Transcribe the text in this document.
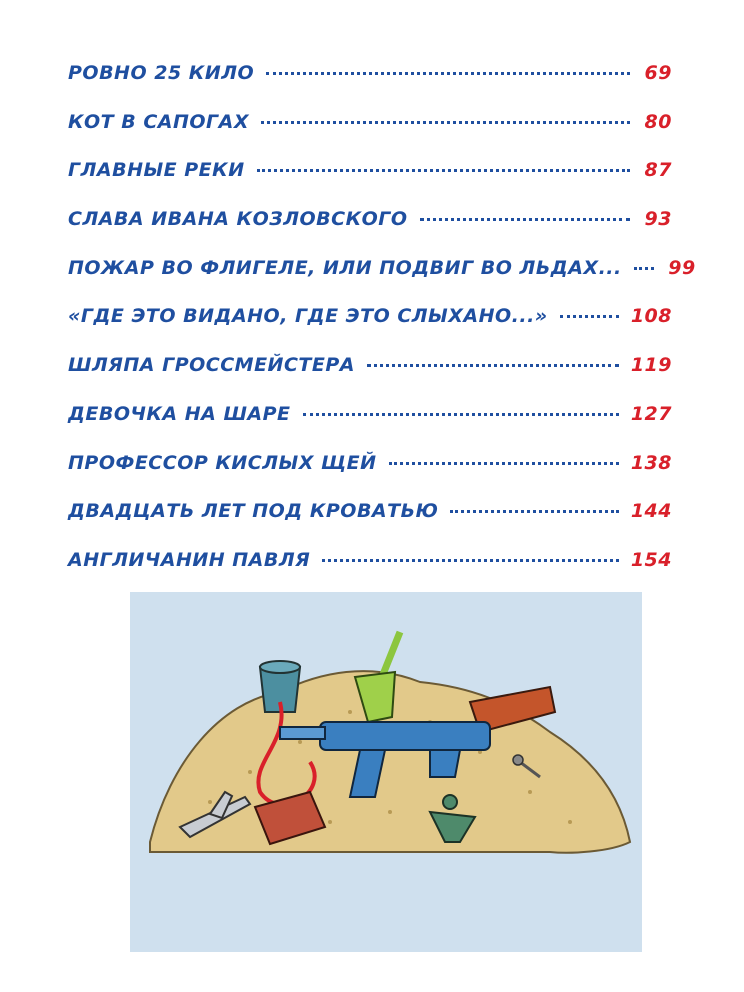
РОВНО 25 КИЛО	69
КОТ В САПОГАХ	80
ГЛАВНЫЕ РЕКИ	87
СЛАВА ИВАНА КОЗЛОВСКОГО	93
ПОЖАР ВО ФЛИГЕЛЕ, ИЛИ ПОДВИГ ВО ЛЬДАХ... 99
«ГДЕ ЭТО ВИДАНО, ГДЕ ЭТО СЛЫХАНО...»	108
ШЛЯПА ГРОССМЕЙСТЕРА	119
ДЕВОЧКА НА ШАРЕ	127
ПРОФЕССОР КИСЛЫХ ЩЕЙ	138
ДВАДЦАТЬ ЛЕТ ПОД КРОВАТЬЮ	144
АНГЛИЧАНИН ПАВЛЯ	154
